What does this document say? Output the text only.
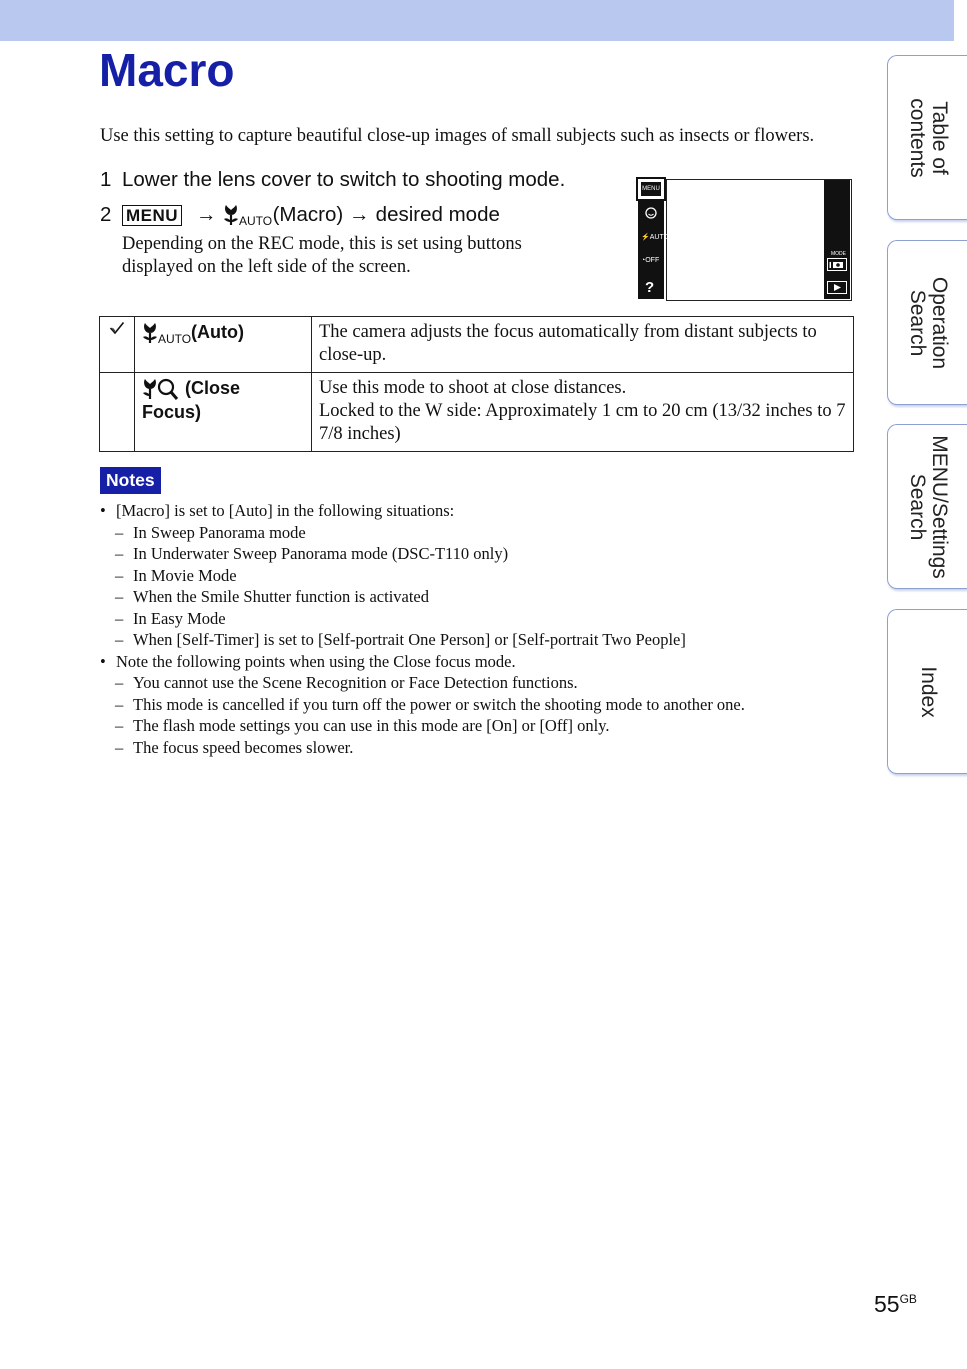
Macro
Use this setting to capture beautiful close-up images of small subjects such as insects or flowers.
1 Lower the lens cover to switch to shooting mode.
2 MENU → AUTO (Macro) → desired mode
Depending on the REC mode, this is set using buttons displayed on the left side of the screen.
MENU
⚡AUTO
◔OFF
?
MODE

AUTO (Auto)	The camera adjusts the focus automatically from distant subjects to close-up.

(Close Focus)	Use this mode to shoot at close distances.
Locked to the W side: Approximately 1 cm to 20 cm (13/32 inches to 7 7/8 inches)
Notes
• [Macro] is set to [Auto] in the following situations:
– In Sweep Panorama mode
– In Underwater Sweep Panorama mode (DSC-T110 only)
– In Movie Mode
– When the Smile Shutter function is activated
– In Easy Mode
– When [Self-Timer] is set to [Self-portrait One Person] or [Self-portrait Two People]
• Note the following points when using the Close focus mode.
– You cannot use the Scene Recognition or Face Detection functions.
– This mode is cancelled if you turn off the power or switch the shooting mode to another one.
– The flash mode settings you can use in this mode are [On] or [Off] only.
– The focus speed becomes slower.
Table of
contents
Operation
Search
MENU/Settings
Search
Index
$55^{GB}$
